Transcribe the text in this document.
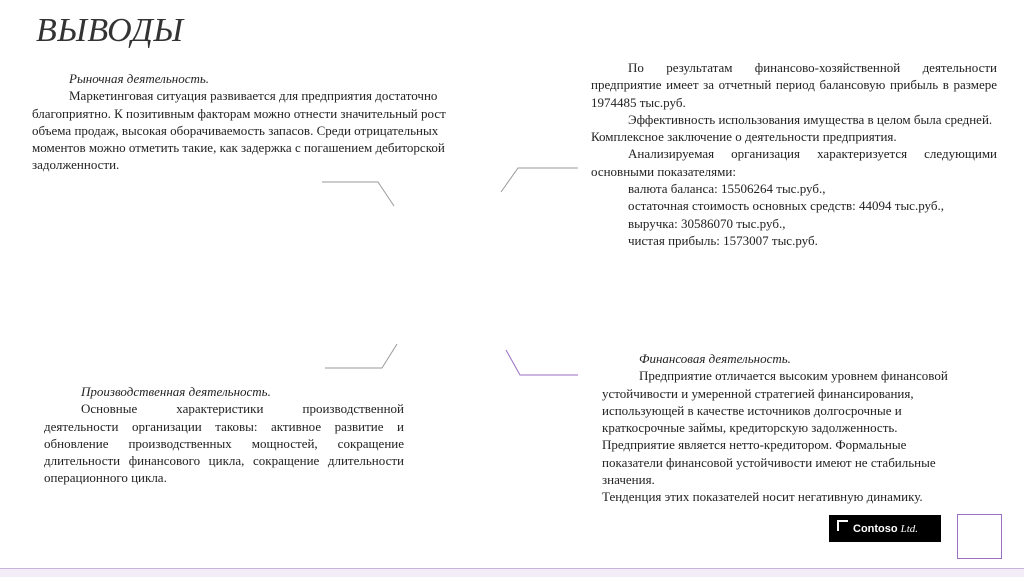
ВЫВОДЫ

Рыночная деятельность.

Маркетинговая ситуация развивается для предприятия достаточно благоприятно. К позитивным факторам можно отнести значительный рост объема продаж, высокая оборачиваемость запасов. Среди отрицательных моментов можно отметить такие, как задержка с погашением дебиторской задолженности.

По результатам финансово-хозяйственной деятельности предприятие имеет за отчетный период балансовую прибыль в размере 1974485 тыс.руб.

Эффективность использования имущества в целом была средней.

Комплексное заключение о деятельности предприятия.

Анализируемая организация характеризуется следующими основными показателями:

валюта баланса: 15506264 тыс.руб.,

остаточная стоимость основных средств: 44094 тыс.руб.,

выручка: 30586070 тыс.руб.,

чистая прибыль: 1573007 тыс.руб.

Производственная деятельность.

Основные характеристики производственной деятельности организации таковы: активное развитие и обновление производственных мощностей, сокращение длительности финансового цикла, сокращение длительности операционного цикла.

Финансовая деятельность.

Предприятие отличается высоким уровнем финансовой устойчивости и умеренной стратегией финансирования, использующей в качестве источников долгосрочные и краткосрочные займы, кредиторскую задолженность. Предприятие является нетто-кредитором. Формальные показатели финансовой устойчивости имеют не стабильные значения.

Тенденция этих показателей носит негативную динамику.

Contoso Ltd.
